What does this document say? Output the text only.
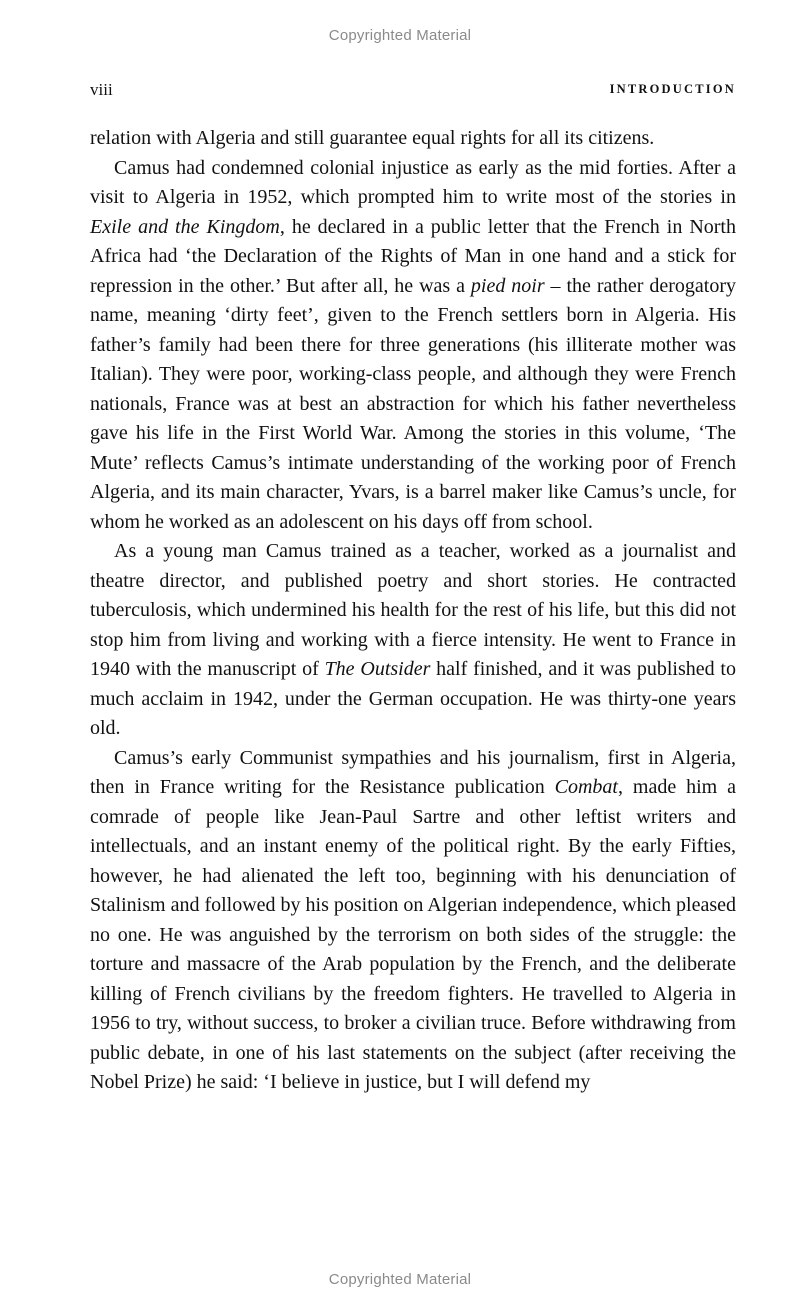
Copyrighted Material
viii	INTRODUCTION

relation with Algeria and still guarantee equal rights for all its citizens.

Camus had condemned colonial injustice as early as the mid forties. After a visit to Algeria in 1952, which prompted him to write most of the stories in Exile and the Kingdom, he declared in a public letter that the French in North Africa had ‘the Declaration of the Rights of Man in one hand and a stick for repression in the other.’ But after all, he was a pied noir – the rather derogatory name, meaning ‘dirty feet’, given to the French settlers born in Algeria. His father’s family had been there for three generations (his illiterate mother was Italian). They were poor, working-class people, and although they were French nationals, France was at best an abstraction for which his father nevertheless gave his life in the First World War. Among the stories in this volume, ‘The Mute’ reflects Camus’s intimate understanding of the working poor of French Algeria, and its main character, Yvars, is a barrel maker like Camus’s uncle, for whom he worked as an adolescent on his days off from school.

As a young man Camus trained as a teacher, worked as a journalist and theatre director, and published poetry and short stories. He contracted tuberculosis, which undermined his health for the rest of his life, but this did not stop him from living and working with a fierce intensity. He went to France in 1940 with the manuscript of The Outsider half finished, and it was published to much acclaim in 1942, under the German occupation. He was thirty-one years old.

Camus’s early Communist sympathies and his journalism, first in Algeria, then in France writing for the Resistance publication Combat, made him a comrade of people like Jean-Paul Sartre and other leftist writers and intellectuals, and an instant enemy of the political right. By the early Fifties, however, he had alienated the left too, beginning with his denunciation of Stalinism and followed by his position on Algerian independence, which pleased no one. He was anguished by the terrorism on both sides of the struggle: the torture and massacre of the Arab population by the French, and the deliberate killing of French civilians by the freedom fighters. He travelled to Algeria in 1956 to try, without success, to broker a civilian truce. Before withdrawing from public debate, in one of his last statements on the subject (after receiving the Nobel Prize) he said: ‘I believe in justice, but I will defend my

Copyrighted Material
